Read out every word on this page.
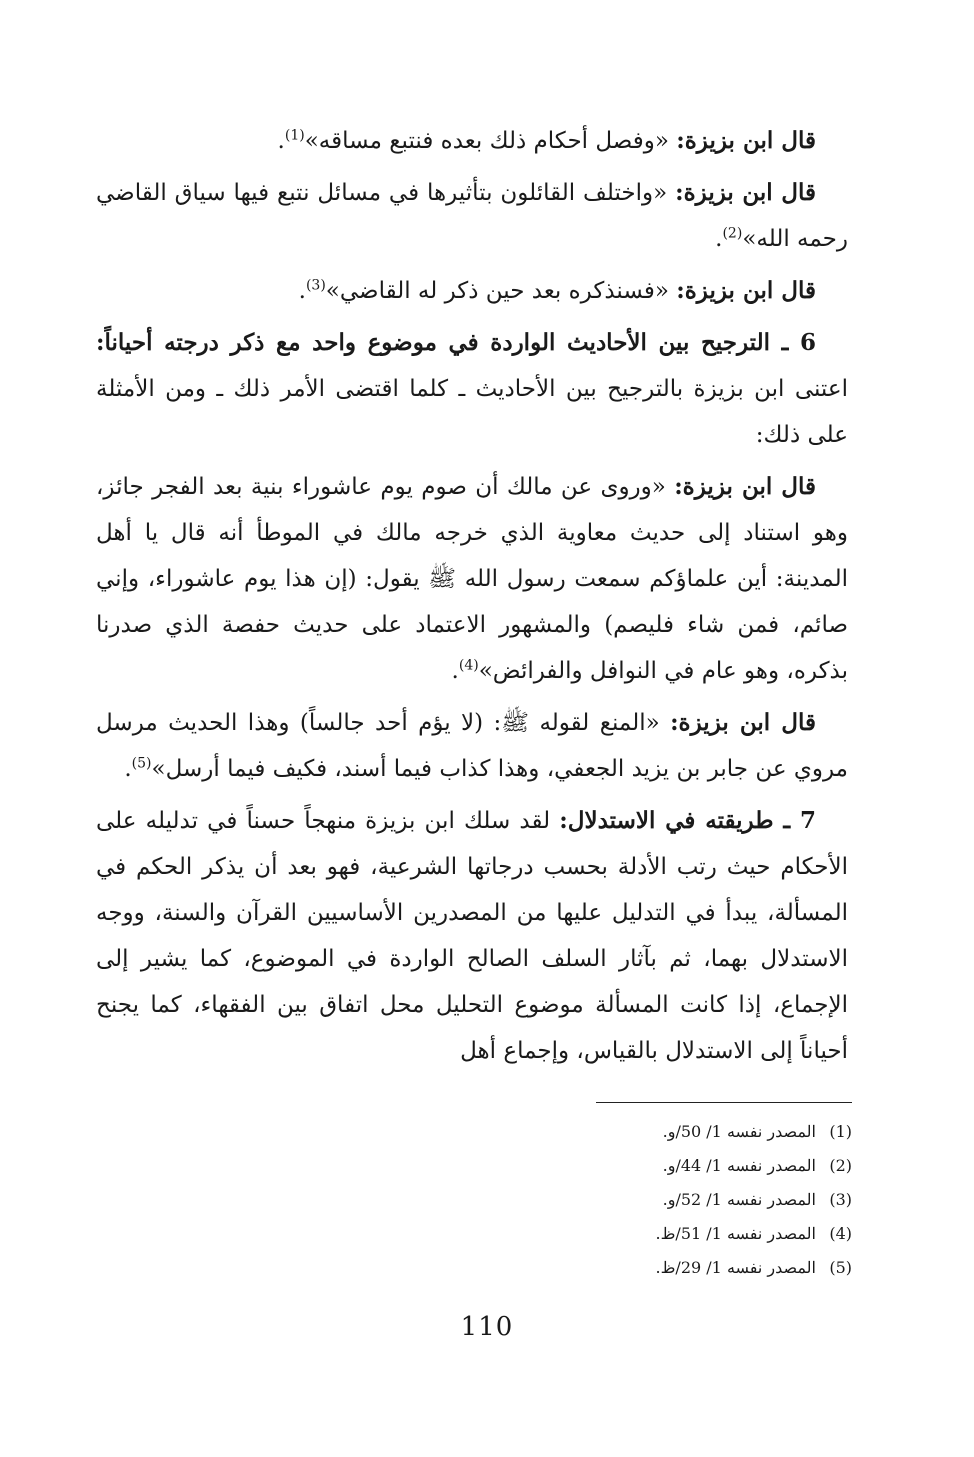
قال ابن بزيزة: «وفصل أحكام ذلك بعده فنتبع مساقه»$^{(1)}$.

قال ابن بزيزة: «واختلف القائلون بتأثيرها في مسائل نتبع فيها سياق القاضي رحمه الله»$^{(2)}$.

قال ابن بزيزة: «فسنذكره بعد حين ذكر له القاضي»$^{(3)}$.

6 ـ الترجيح بين الأحاديث الواردة في موضوع واحد مع ذكر درجته أحياناً: اعتنى ابن بزيزة بالترجيح بين الأحاديث ـ كلما اقتضى الأمر ذلك ـ ومن الأمثلة على ذلك:

قال ابن بزيزة: «وروى عن مالك أن صوم يوم عاشوراء بنية بعد الفجر جائز، وهو استناد إلى حديث معاوية الذي خرجه مالك في الموطأ أنه قال يا أهل المدينة: أين علماؤكم سمعت رسول الله ﷺ يقول: (إن هذا يوم عاشوراء، وإني صائم، فمن شاء فليصم) والمشهور الاعتماد على حديث حفصة الذي صدرنا بذكره، وهو عام في النوافل والفرائض»$^{(4)}$.

قال ابن بزيزة: «المنع لقوله ﷺ: (لا يؤم أحد جالساً) وهذا الحديث مرسل مروي عن جابر بن يزيد الجعفي، وهذا كذاب فيما أسند، فكيف فيما أرسل»$^{(5)}$.

7 ـ طريقته في الاستدلال: لقد سلك ابن بزيزة منهجاً حسناً في تدليله على الأحكام حيث رتب الأدلة بحسب درجاتها الشرعية، فهو بعد أن يذكر الحكم في المسألة، يبدأ في التدليل عليها من المصدرين الأساسيين القرآن والسنة، ووجه الاستدلال بهما، ثم بآثار السلف الصالح الواردة في الموضوع، كما يشير إلى الإجماع، إذا كانت المسألة موضوع التحليل محل اتفاق بين الفقهاء، كما يجنح أحياناً إلى الاستدلال بالقياس، وإجماع أهل

(1)المصدر نفسه 1/ 50/و.
(2)المصدر نفسه 1/ 44/و.
(3)المصدر نفسه 1/ 52/و.
(4)المصدر نفسه 1/ 51/ظ.
(5)المصدر نفسه 1/ 29/ظ.
110
